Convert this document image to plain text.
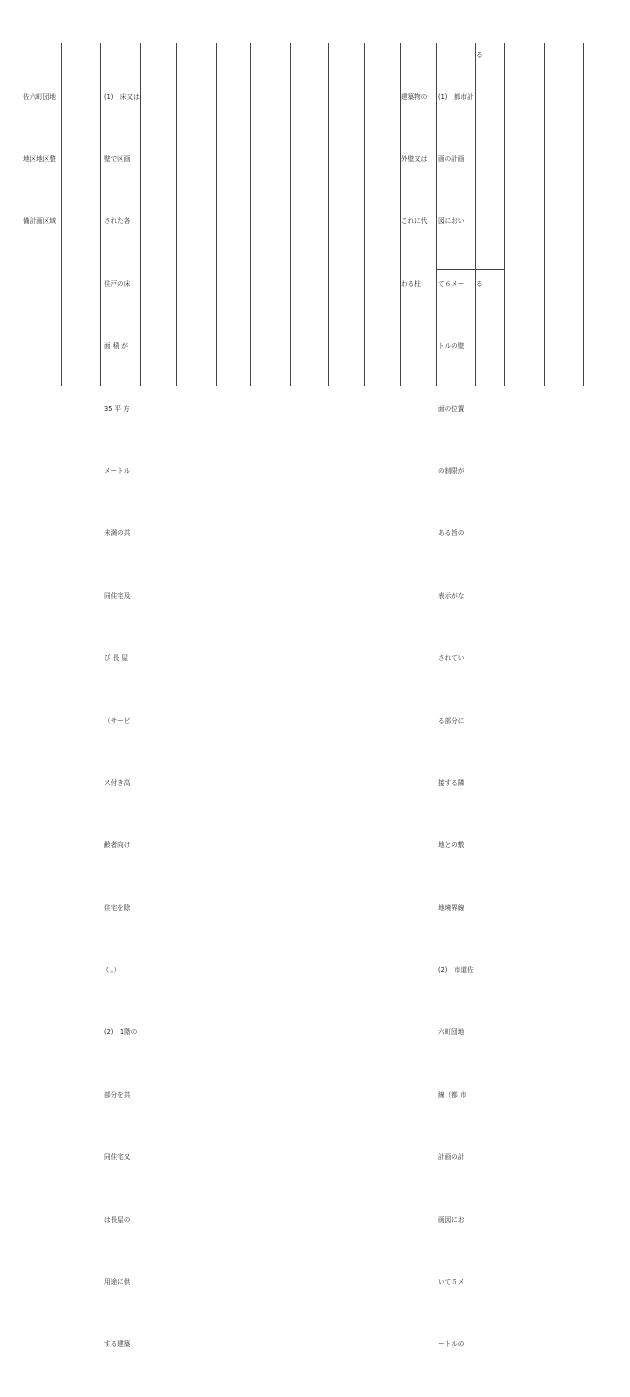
佐六町団地

地区地区整

備計画区域

(1)　床又は

壁で区画

された各

住戸の床

面 積 が

35 平 方

メートル

未満の共

同住宅及

び 長 屋

（サービ

ス付き高

齢者向け

住宅を除

く。）

(2)　1階の

部分を共

同住宅又

は長屋の

用途に供

する建築

建築物の

外壁又は

これに代

わる柱

(1)　都市計

画の計画

図におい

て６メー

トルの壁

面の位置

の制限が

ある旨の

表示がな

されてい

る部分に

接する隣

地との敷

地境界線

(2)　市道佐

六町団地

線（都 市

計画の計

画図にお

いて５メ

ートルの

る
る
